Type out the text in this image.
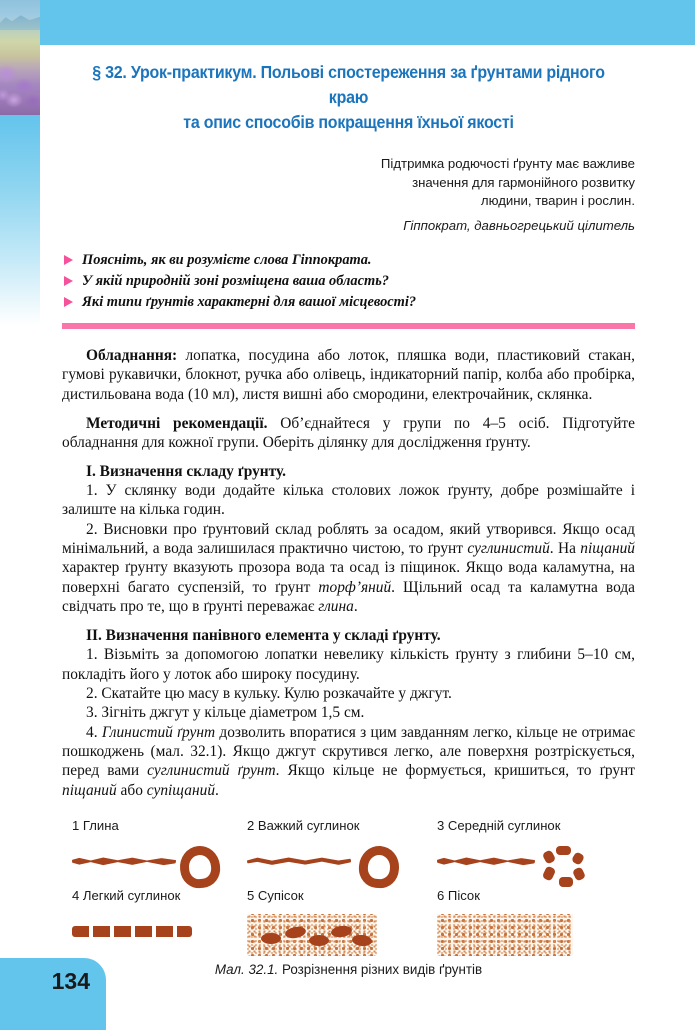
§ 32. Урок-практикум. Польові спостереження за ґрунтами рідного краю
та опис способів покращення їхньої якості
Підтримка родючості ґрунту має важливе
значення для гармонійного розвитку
людини, тварин і рослин.
Гіппократ, давньогрецький цілитель
Поясніть, як ви розумієте слова Гіппократа.
У якій природній зоні розміщена ваша область?
Які типи ґрунтів характерні для вашої місцевості?

Обладнання: лопатка, посудина або лоток, пляшка води, пластиковий стакан, гумові рукавички, блокнот, ручка або олівець, індикаторний папір, колба або пробірка, дистильована вода (10 мл), листя вишні або смородини, електрочайник, склянка.

Методичні рекомендації. Об’єднайтеся у групи по 4–5 осіб. Підготуйте обладнання для кожної групи. Оберіть ділянку для дослідження ґрунту.

I. Визначення складу ґрунту.

1. У склянку води додайте кілька столових ложок ґрунту, добре розмішайте і залиште на кілька годин.

2. Висновки про ґрунтовий склад роблять за осадом, який утворився. Якщо осад мінімальний, а вода залишилася практично чистою, то ґрунт суглинистий. На піщаний характер ґрунту вказують прозора вода та осад із піщинок. Якщо вода каламутна, на поверхні багато суспензій, то ґрунт торф’яний. Щільний осад та каламутна вода свідчать про те, що в ґрунті переважає глина.

II. Визначення панівного елемента у складі ґрунту.

1. Візьміть за допомогою лопатки невелику кількість ґрунту з глибини 5–10 см, покладіть його у лоток або широку посудину.

2. Скатайте цю масу в кульку. Кулю розкачайте у джгут.

3. Зігніть джгут у кільце діаметром 1,5 см.

4. Глинистий ґрунт дозволить впоратися з цим завданням легко, кільце не отримає пошкоджень (мал. 32.1). Якщо джгут скрутився легко, але поверхня розтріскується, перед вами суглинистий ґрунт. Якщо кільце не формується, кришиться, то ґрунт піщаний або супіщаний.

1 Глина	2 Важкий суглинок	3 Середній суглинок
4 Легкий суглинок	5 Супісок	6 Пісок
Мал. 32.1. Розрізнення різних видів ґрунтів
134
